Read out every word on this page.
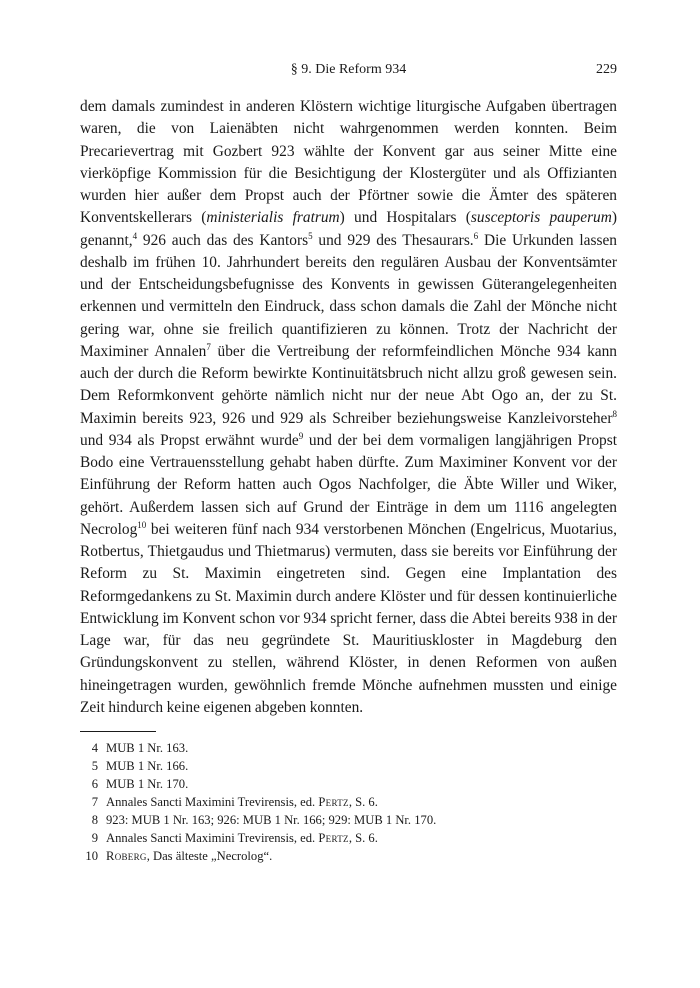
§ 9. Die Reform 934	229

dem damals zumindest in anderen Klöstern wichtige liturgische Aufgaben übertragen waren, die von Laienäbten nicht wahrgenommen werden konnten. Beim Precarievertrag mit Gozbert 923 wählte der Konvent gar aus seiner Mitte eine vierköpfige Kommission für die Besichtigung der Klostergüter und als Offizianten wurden hier außer dem Propst auch der Pförtner sowie die Ämter des späteren Konventskellerars (ministerialis fratrum) und Hospitalars (susceptoris pauperum) genannt,$^4$ 926 auch das des Kantors$^5$ und 929 des Thesaurars.$^6$ Die Urkunden lassen deshalb im frühen 10. Jahrhundert bereits den regulären Ausbau der Konventsämter und der Entscheidungsbefugnisse des Konvents in gewissen Güterangelegenheiten erkennen und vermitteln den Eindruck, dass schon damals die Zahl der Mönche nicht gering war, ohne sie freilich quantifizieren zu können. Trotz der Nachricht der Maximiner Annalen$^7$ über die Vertreibung der reformfeindlichen Mönche 934 kann auch der durch die Reform bewirkte Kontinuitätsbruch nicht allzu groß gewesen sein. Dem Reformkonvent gehörte nämlich nicht nur der neue Abt Ogo an, der zu St. Maximin bereits 923, 926 und 929 als Schreiber beziehungsweise Kanzleivorsteher$^8$ und 934 als Propst erwähnt wurde$^9$ und der bei dem vormaligen langjährigen Propst Bodo eine Vertrauensstellung gehabt haben dürfte. Zum Maximiner Konvent vor der Einführung der Reform hatten auch Ogos Nachfolger, die Äbte Willer und Wiker, gehört. Außerdem lassen sich auf Grund der Einträge in dem um 1116 angelegten Necrolog$^{10}$ bei weiteren fünf nach 934 verstorbenen Mönchen (Engelricus, Muotarius, Rotbertus, Thietgaudus und Thietmarus) vermuten, dass sie bereits vor Einführung der Reform zu St. Maximin eingetreten sind. Gegen eine Implantation des Reformgedankens zu St. Maximin durch andere Klöster und für dessen kontinuierliche Entwicklung im Konvent schon vor 934 spricht ferner, dass die Abtei bereits 938 in der Lage war, für das neu gegründete St. Mauritiuskloster in Magdeburg den Gründungskonvent zu stellen, während Klöster, in denen Reformen von außen hineingetragen wurden, gewöhnlich fremde Mönche aufnehmen mussten und einige Zeit hindurch keine eigenen abgeben konnten.

4 MUB 1 Nr. 163.
5 MUB 1 Nr. 166.
6 MUB 1 Nr. 170.
7 Annales Sancti Maximini Trevirensis, ed. Pertz, S. 6.
8 923: MUB 1 Nr. 163; 926: MUB 1 Nr. 166; 929: MUB 1 Nr. 170.
9 Annales Sancti Maximini Trevirensis, ed. Pertz, S. 6.
10 Roberg, Das älteste „Necrolog“.
